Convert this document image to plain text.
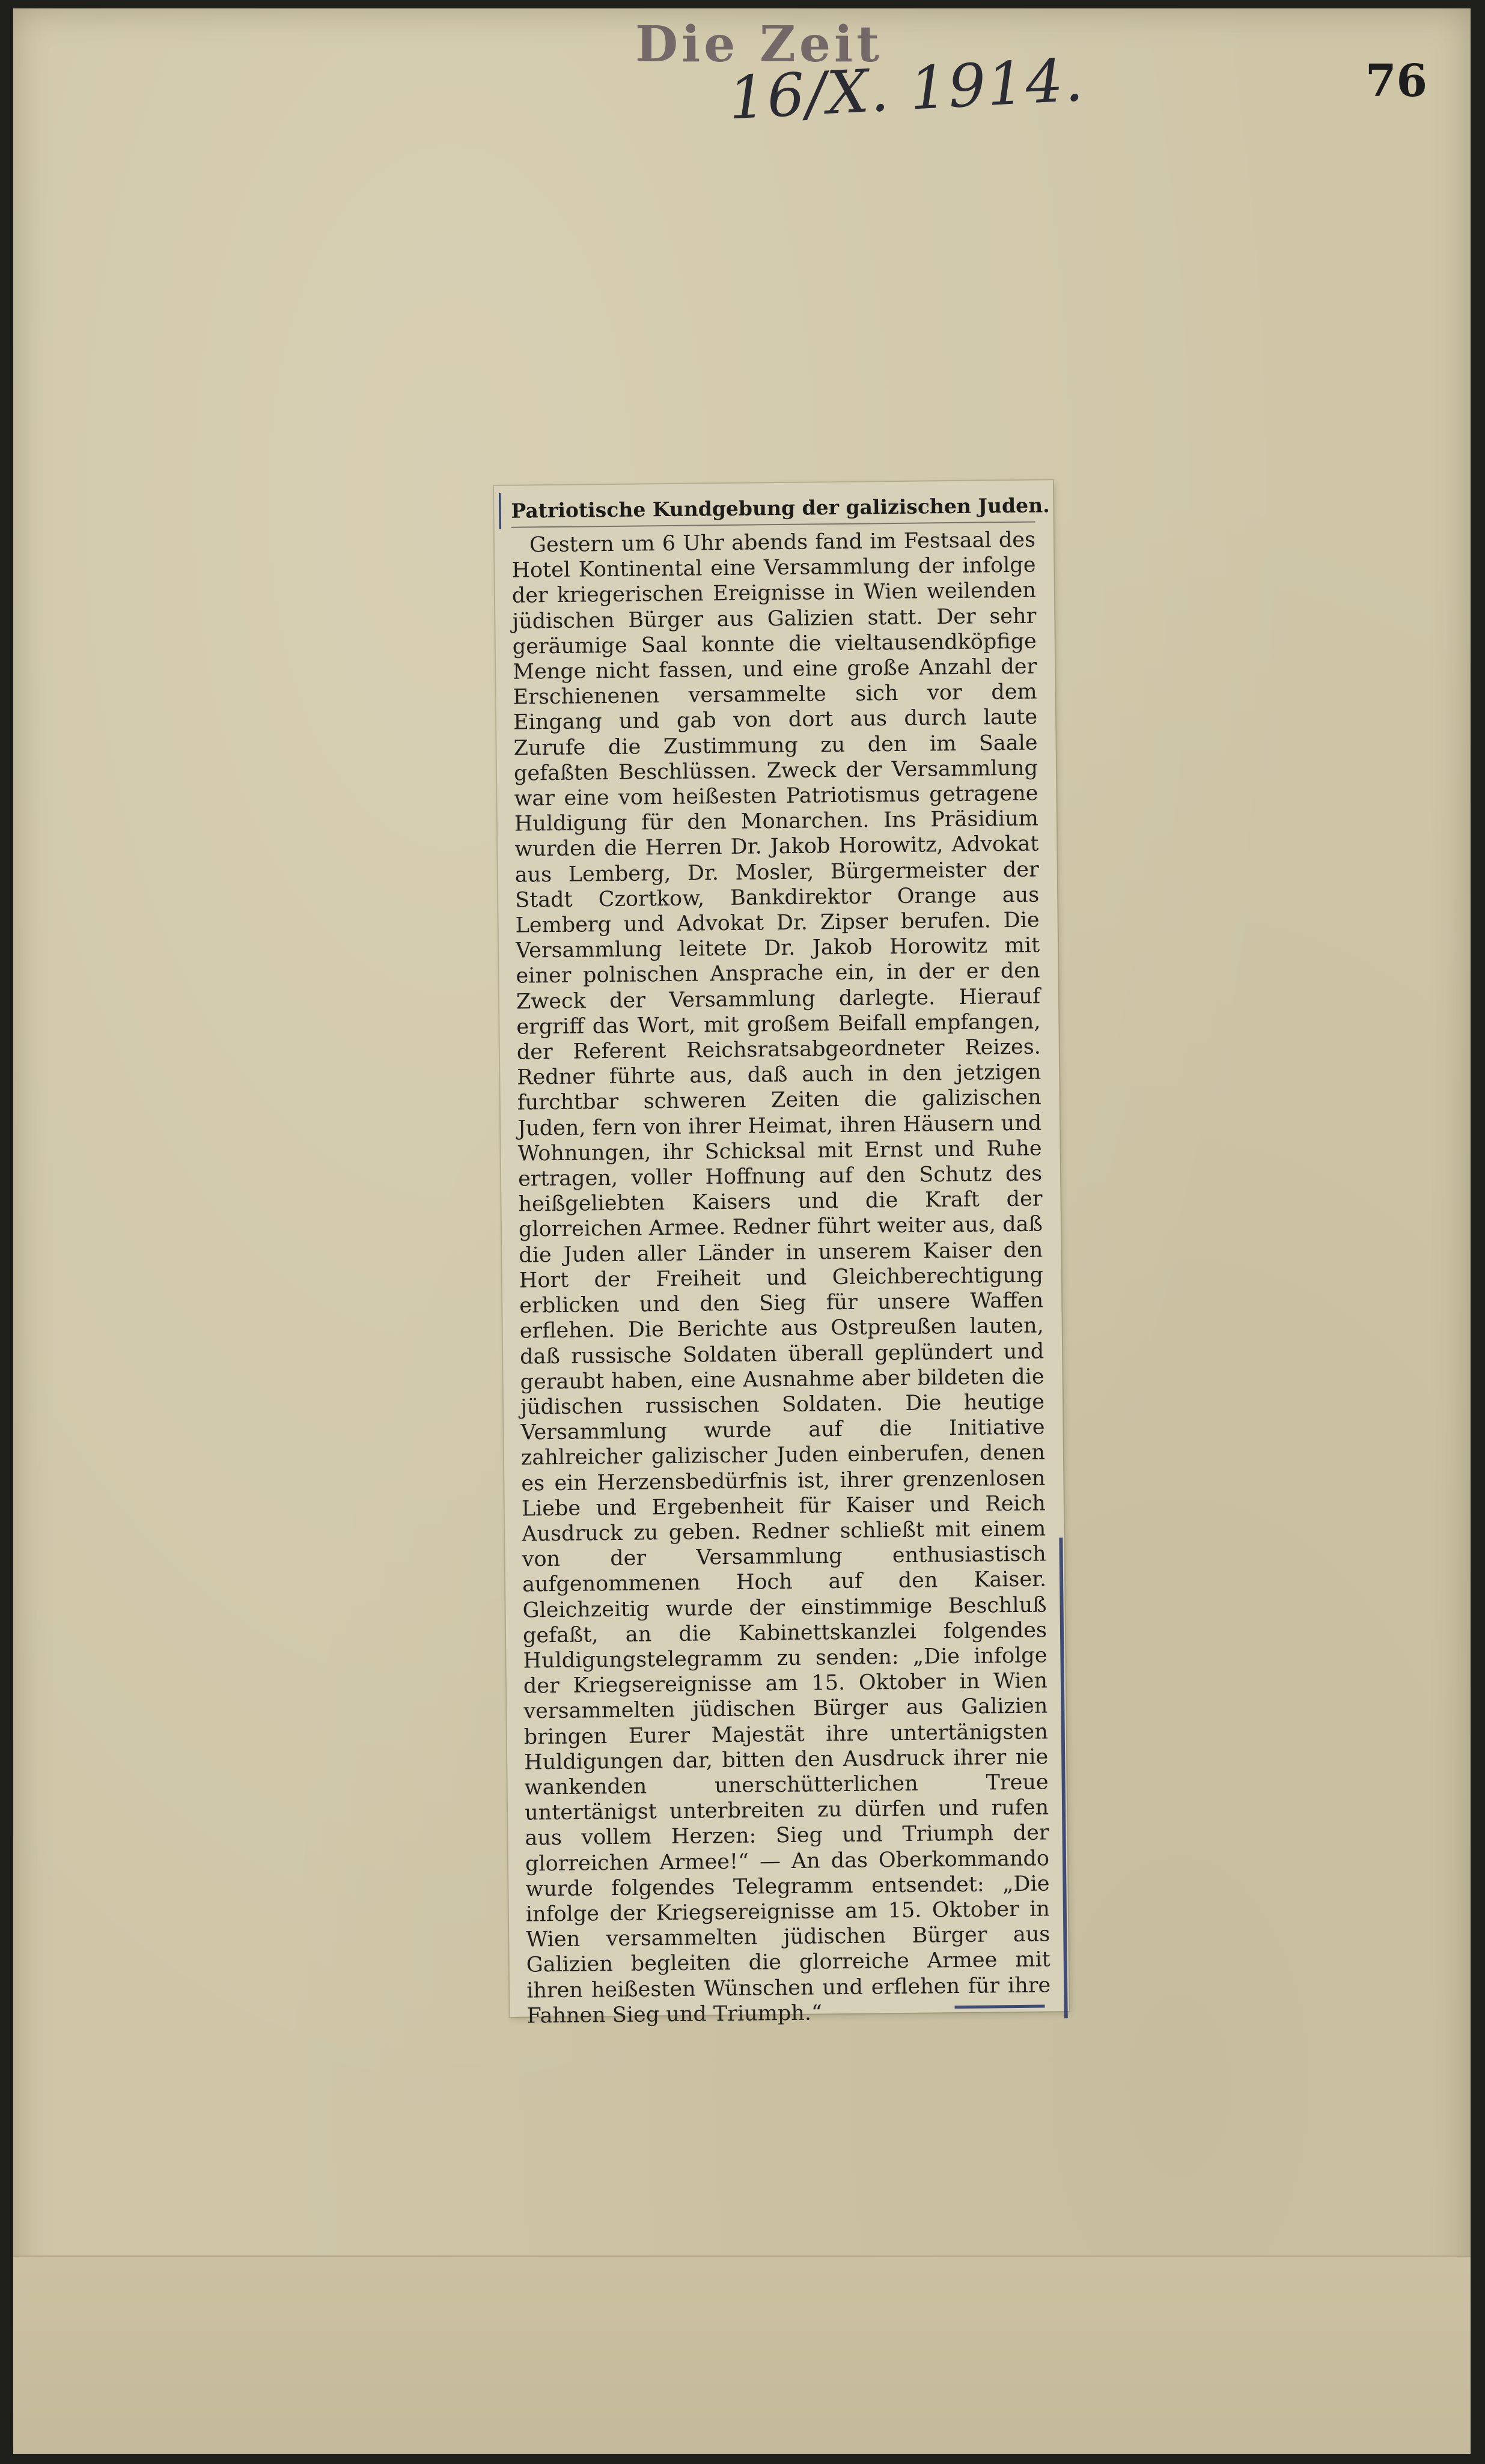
Die Zeit
16/X. 1914.	76
Patriotische Kundgebung der galizischen Juden.

Gestern um 6 Uhr abends fand im Festsaal des Hotel Kontinental eine Versammlung der infolge der kriegerischen Ereignisse in Wien weilenden jüdischen Bürger aus Galizien statt. Der sehr geräumige Saal konnte die vieltausendköpfige Menge nicht fassen, und eine große Anzahl der Erschienenen versammelte sich vor dem Eingang und gab von dort aus durch laute Zurufe die Zustimmung zu den im Saale gefaßten Beschlüssen. Zweck der Versammlung war eine vom heißesten Patriotismus getragene Huldigung für den Monarchen. Ins Präsidium wurden die Herren Dr. Jakob Horowitz, Advokat aus Lemberg, Dr. Mosler, Bürgermeister der Stadt Czortkow, Bankdirektor Orange aus Lemberg und Advokat Dr. Zipser berufen. Die Versammlung leitete Dr. Jakob Horowitz mit einer polnischen Ansprache ein, in der er den Zweck der Versammlung darlegte. Hierauf ergriff das Wort, mit großem Beifall empfangen, der Referent Reichsratsabgeordneter Reizes. Redner führte aus, daß auch in den jetzigen furchtbar schweren Zeiten die galizischen Juden, fern von ihrer Heimat, ihren Häusern und Wohnungen, ihr Schicksal mit Ernst und Ruhe ertragen, voller Hoffnung auf den Schutz des heißgeliebten Kaisers und die Kraft der glorreichen Armee. Redner führt weiter aus, daß die Juden aller Länder in unserem Kaiser den Hort der Freiheit und Gleichberechtigung erblicken und den Sieg für unsere Waffen erflehen. Die Berichte aus Ostpreußen lauten, daß russische Soldaten überall geplündert und geraubt haben, eine Ausnahme aber bildeten die jüdischen russischen Soldaten. Die heutige Versammlung wurde auf die Initiative zahlreicher galizischer Juden einberufen, denen es ein Herzensbedürfnis ist, ihrer grenzenlosen Liebe und Ergebenheit für Kaiser und Reich Ausdruck zu geben. Redner schließt mit einem von der Versammlung enthusiastisch aufgenommenen Hoch auf den Kaiser. Gleichzeitig wurde der einstimmige Beschluß gefaßt, an die Kabinettskanzlei folgendes Huldigungstelegramm zu senden: „Die infolge der Kriegsereignisse am 15. Oktober in Wien versammelten jüdischen Bürger aus Galizien bringen Eurer Majestät ihre untertänigsten Huldigungen dar, bitten den Ausdruck ihrer nie wankenden unerschütterlichen Treue untertänigst unterbreiten zu dürfen und rufen aus vollem Herzen: Sieg und Triumph der glorreichen Armee!“ — An das Oberkommando wurde folgendes Telegramm entsendet: „Die infolge der Kriegsereignisse am 15. Oktober in Wien versammelten jüdischen Bürger aus Galizien begleiten die glorreiche Armee mit ihren heißesten Wünschen und erflehen für ihre Fahnen Sieg und Triumph.“
